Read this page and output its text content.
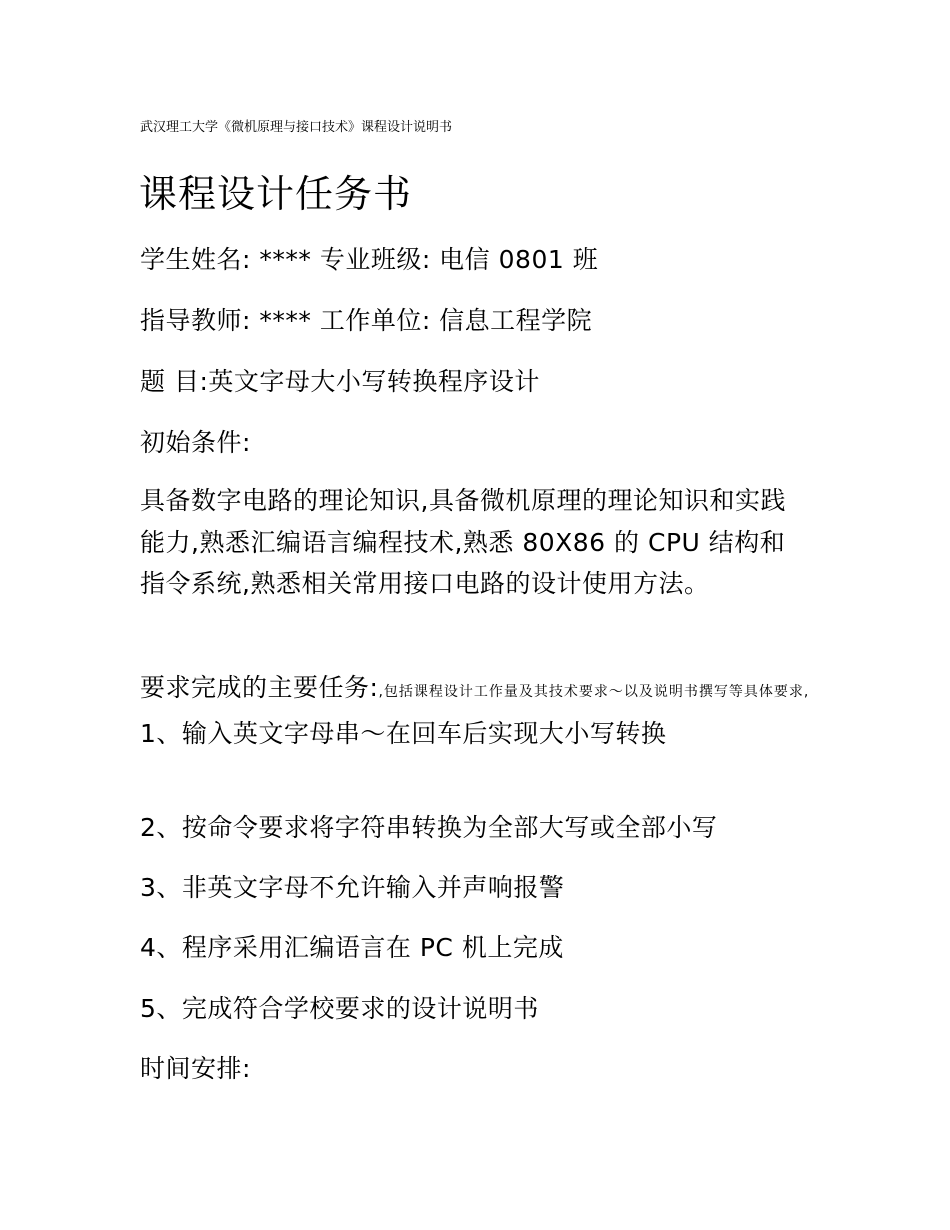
武汉理工大学《微机原理与接口技术》课程设计说明书
课程设计任务书
学生姓名: **** 专业班级: 电信 0801 班
指导教师: **** 工作单位: 信息工程学院
题 目:英文字母大小写转换程序设计
初始条件:
具备数字电路的理论知识,具备微机原理的理论知识和实践能力,熟悉汇编语言编程技术,熟悉 80X86 的 CPU 结构和指令系统,熟悉相关常用接口电路的设计使用方法。
要求完成的主要任务:,包括课程设计工作量及其技术要求～以及说明书撰写等具体要求, 1、输入英文字母串～在回车后实现大小写转换
2、按命令要求将字符串转换为全部大写或全部小写
3、非英文字母不允许输入并声响报警
4、程序采用汇编语言在 PC 机上完成
5、完成符合学校要求的设计说明书
时间安排:
